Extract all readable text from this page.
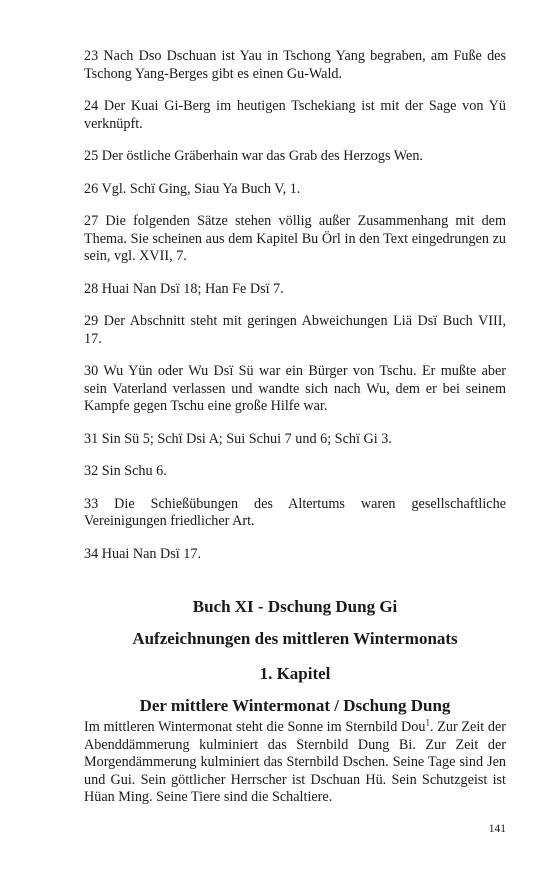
23 Nach Dso Dschuan ist Yau in Tschong Yang begraben, am Fuße des Tschong Yang-Berges gibt es einen Gu-Wald.

24 Der Kuai Gi-Berg im heutigen Tschekiang ist mit der Sage von Yü verknüpft.

25 Der östliche Gräberhain war das Grab des Herzogs Wen.

26 Vgl. Schï Ging, Siau Ya Buch V, 1.

27 Die folgenden Sätze stehen völlig außer Zusammenhang mit dem Thema. Sie scheinen aus dem Kapitel Bu Örl in den Text eingedrungen zu sein, vgl. XVII, 7.

28 Huai Nan Dsï 18; Han Fe Dsï 7.

29 Der Abschnitt steht mit geringen Abweichungen Liä Dsï Buch VIII, 17.

30 Wu Yün oder Wu Dsï Sü war ein Bürger von Tschu. Er mußte aber sein Vaterland verlassen und wandte sich nach Wu, dem er bei seinem Kampfe gegen Tschu eine große Hilfe war.

31 Sin Sü 5; Schï Dsi A; Sui Schui 7 und 6; Schï Gi 3.

32 Sin Schu 6.

33 Die Schießübungen des Altertums waren gesellschaftliche Vereinigungen friedlicher Art.

34 Huai Nan Dsï 17.

Buch XI - Dschung Dung Gi
Aufzeichnungen des mittleren Wintermonats
1. Kapitel
Der mittlere Wintermonat / Dschung Dung

Im mittleren Wintermonat steht die Sonne im Sternbild Dou$^1$. Zur Zeit der Abenddämmerung kulminiert das Sternbild Dung Bi. Zur Zeit der Morgendämmerung kulminiert das Sternbild Dschen. Seine Tage sind Jen und Gui. Sein göttlicher Herrscher ist Dschuan Hü. Sein Schutzgeist ist Hüan Ming. Seine Tiere sind die Schaltiere.

141
